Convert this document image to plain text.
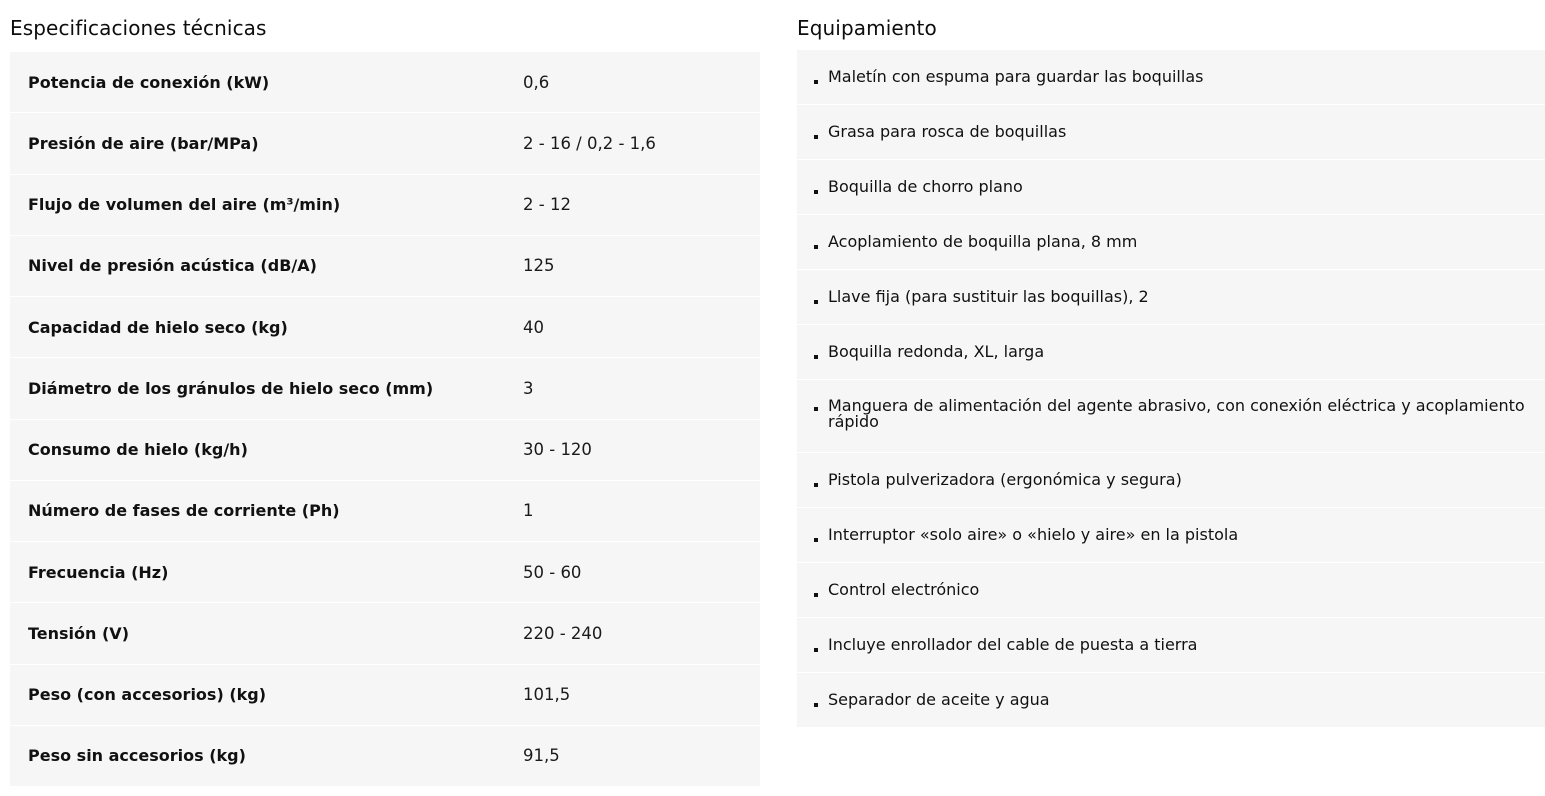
Especificaciones técnicas
Potencia de conexión (kW)	0,6
Presión de aire (bar/MPa)	2 - 16 / 0,2 - 1,6
Flujo de volumen del aire (m³/min)	2 - 12
Nivel de presión acústica (dB/A)	125
Capacidad de hielo seco (kg)	40
Diámetro de los gránulos de hielo seco (mm)	3
Consumo de hielo (kg/h)	30 - 120
Número de fases de corriente (Ph)	1
Frecuencia (Hz)	50 - 60
Tensión (V)	220 - 240
Peso (con accesorios) (kg)	101,5
Peso sin accesorios (kg)	91,5
Equipamiento
Maletín con espuma para guardar las boquillas
Grasa para rosca de boquillas
Boquilla de chorro plano
Acoplamiento de boquilla plana, 8 mm
Llave fija (para sustituir las boquillas), 2
Boquilla redonda, XL, larga
Manguera de alimentación del agente abrasivo, con conexión eléctrica y acoplamiento rápido
Pistola pulverizadora (ergonómica y segura)
Interruptor «solo aire» o «hielo y aire» en la pistola
Control electrónico
Incluye enrollador del cable de puesta a tierra
Separador de aceite y agua
